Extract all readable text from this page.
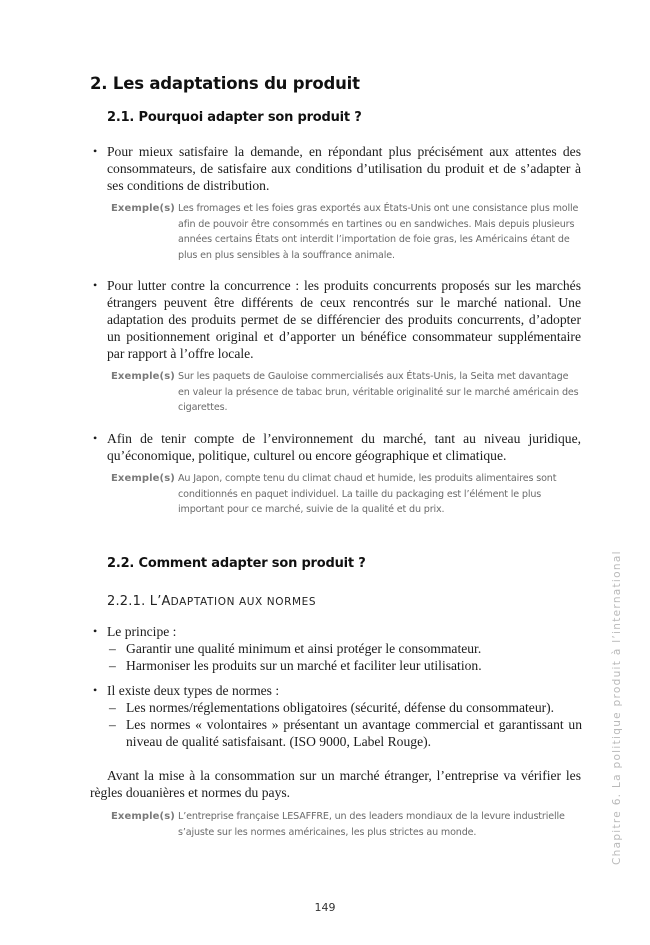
2. Les adaptations du produit
2.1. Pourquoi adapter son produit ?
• Pour mieux satisfaire la demande, en répondant plus précisément aux attentes des consommateurs, de satisfaire aux conditions d’utilisation du produit et de s’adapter à ses conditions de distribution.
Exemple(s) Les fromages et les foies gras exportés aux États-Unis ont une consistance plus molle afin de pouvoir être consommés en tartines ou en sandwiches. Mais depuis plusieurs années certains États ont interdit l’importation de foie gras, les Américains étant de plus en plus sensibles à la souffrance animale.
• Pour lutter contre la concurrence : les produits concurrents proposés sur les marchés étrangers peuvent être différents de ceux rencontrés sur le marché national. Une adaptation des produits permet de se différencier des produits concurrents, d’adopter un positionnement original et d’apporter un bénéfice consommateur supplémentaire par rapport à l’offre locale.
Exemple(s) Sur les paquets de Gauloise commercialisés aux États-Unis, la Seita met davantage en valeur la présence de tabac brun, véritable originalité sur le marché américain des cigarettes.
• Afin de tenir compte de l’environnement du marché, tant au niveau juridique, qu’économique, politique, culturel ou encore géographique et climatique.
Exemple(s) Au Japon, compte tenu du climat chaud et humide, les produits alimentaires sont conditionnés en paquet individuel. La taille du packaging est l’élément le plus important pour ce marché, suivie de la qualité et du prix.
2.2. Comment adapter son produit ?
2.2.1. L’ADAPTATION AUX NORMES
• Le principe :
– Garantir une qualité minimum et ainsi protéger le consommateur.
– Harmoniser les produits sur un marché et faciliter leur utilisation.
• Il existe deux types de normes :
– Les normes/réglementations obligatoires (sécurité, défense du consommateur).
– Les normes « volontaires » présentant un avantage commercial et garantissant un niveau de qualité satisfaisant. (ISO 9000, Label Rouge).
Avant la mise à la consommation sur un marché étranger, l’entreprise va vérifier les règles douanières et normes du pays.
Exemple(s) L’entreprise française LESAFFRE, un des leaders mondiaux de la levure industrielle s’ajuste sur les normes américaines, les plus strictes au monde.	Chapitre 6. La politique produit à l’international
149
